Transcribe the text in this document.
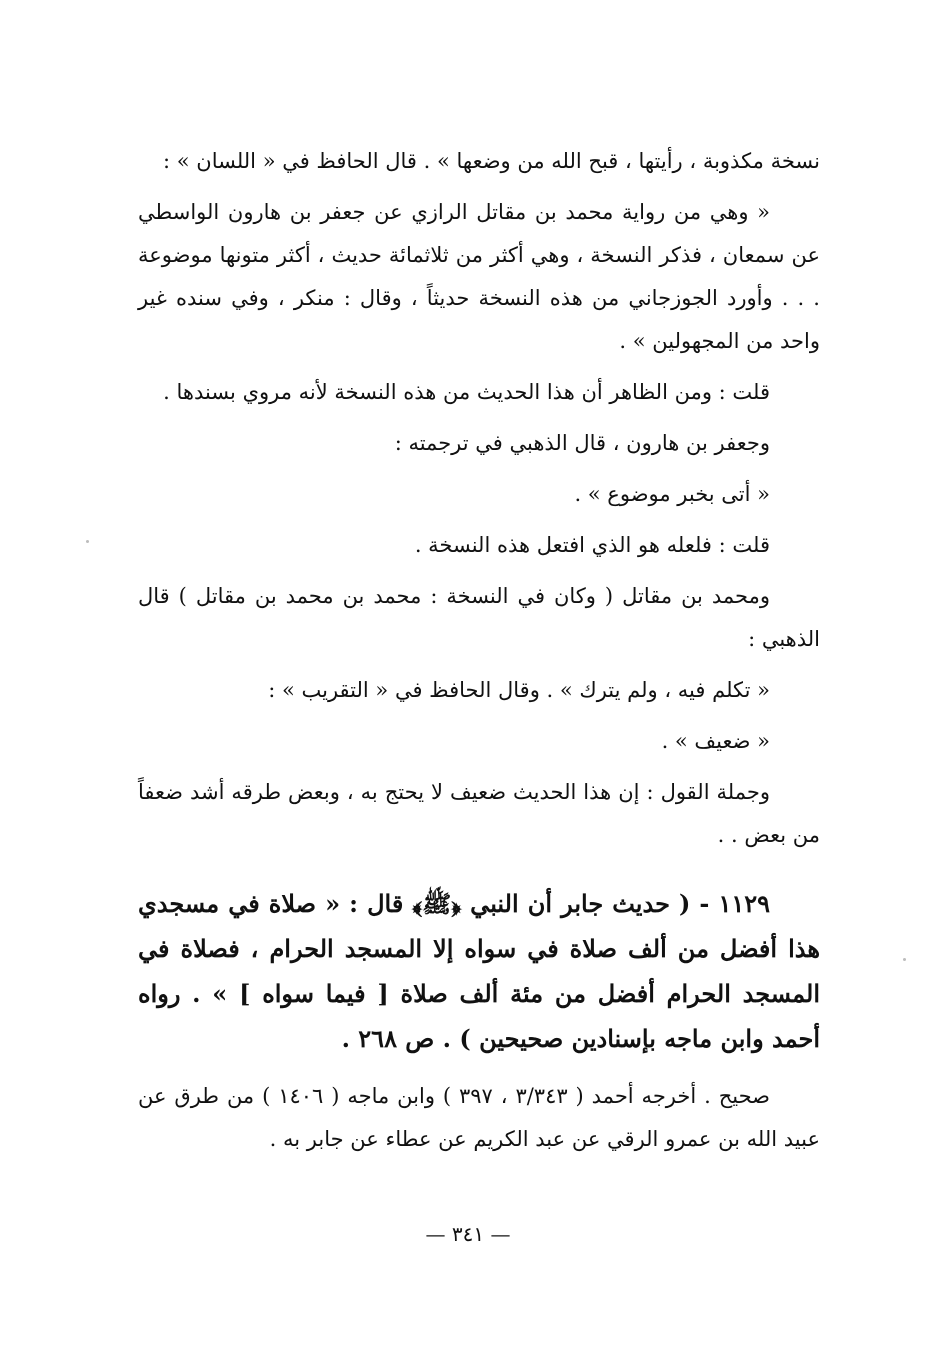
نسخة مكذوبة ، رأيتها ، قبح الله من وضعها » . قال الحافظ في « اللسان » :

« وهي من رواية محمد بن مقاتل الرازي عن جعفر بن هارون الواسطي عن سمعان ، فذكر النسخة ، وهي أكثر من ثلاثمائة حديث ، أكثر متونها موضوعة . . . وأورد الجوزجاني من هذه النسخة حديثاً ، وقال : منكر ، وفي سنده غير واحد من المجهولين » .

قلت : ومن الظاهر أن هذا الحديث من هذه النسخة لأنه مروي بسندها .

وجعفر بن هارون ، قال الذهبي في ترجمته :

« أتى بخبر موضوع » .

قلت : فلعله هو الذي افتعل هذه النسخة .

ومحمد بن مقاتل ( وكان في النسخة : محمد بن محمد بن مقاتل ) قال الذهبي :

« تكلم فيه ، ولم يترك » . وقال الحافظ في « التقريب » :

« ضعيف » .

وجملة القول : إن هذا الحديث ضعيف لا يحتج به ، وبعض طرقه أشد ضعفاً من بعض . .

١١٢٩ - ( حديث جابر أن النبي ﴿ﷺ﴾ قال : « صلاة في مسجدي هذا أفضل من ألف صلاة في سواه إلا المسجد الحرام ، فصلاة في المسجد الحرام أفضل من مئة ألف صلاة [ فيما سواه ] » . رواه أحمد وابن ماجه بإسنادين صحيحين ) . ص ٢٦٨ .

صحيح . أخرجه أحمد ( ٣/٣٤٣ ، ٣٩٧ ) وابن ماجه ( ١٤٠٦ ) من طرق عن عبيد الله بن عمرو الرقي عن عبد الكريم عن عطاء عن جابر به .

— ٣٤١ —
